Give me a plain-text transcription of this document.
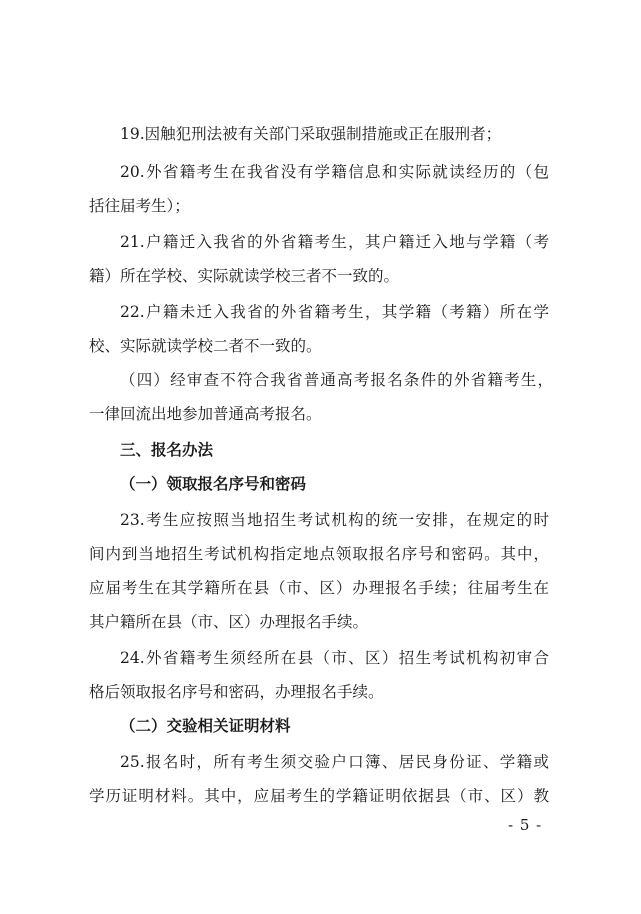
19.因触犯刑法被有关部门采取强制措施或正在服刑者；
20.外省籍考生在我省没有学籍信息和实际就读经历的（包
括往届考生）；
21.户籍迁入我省的外省籍考生，其户籍迁入地与学籍（考
籍）所在学校、实际就读学校三者不一致的。
22.户籍未迁入我省的外省籍考生，其学籍（考籍）所在学
校、实际就读学校二者不一致的。
（四）经审查不符合我省普通高考报名条件的外省籍考生，
一律回流出地参加普通高考报名。
三、报名办法
（一）领取报名序号和密码
23.考生应按照当地招生考试机构的统一安排，在规定的时
间内到当地招生考试机构指定地点领取报名序号和密码。其中，
应届考生在其学籍所在县（市、区）办理报名手续；往届考生在
其户籍所在县（市、区）办理报名手续。
24.外省籍考生须经所在县（市、区）招生考试机构初审合
格后领取报名序号和密码，办理报名手续。
（二）交验相关证明材料
25.报名时，所有考生须交验户口簿、居民身份证、学籍或
学历证明材料。其中，应届考生的学籍证明依据县（市、区）教
- 5 -
